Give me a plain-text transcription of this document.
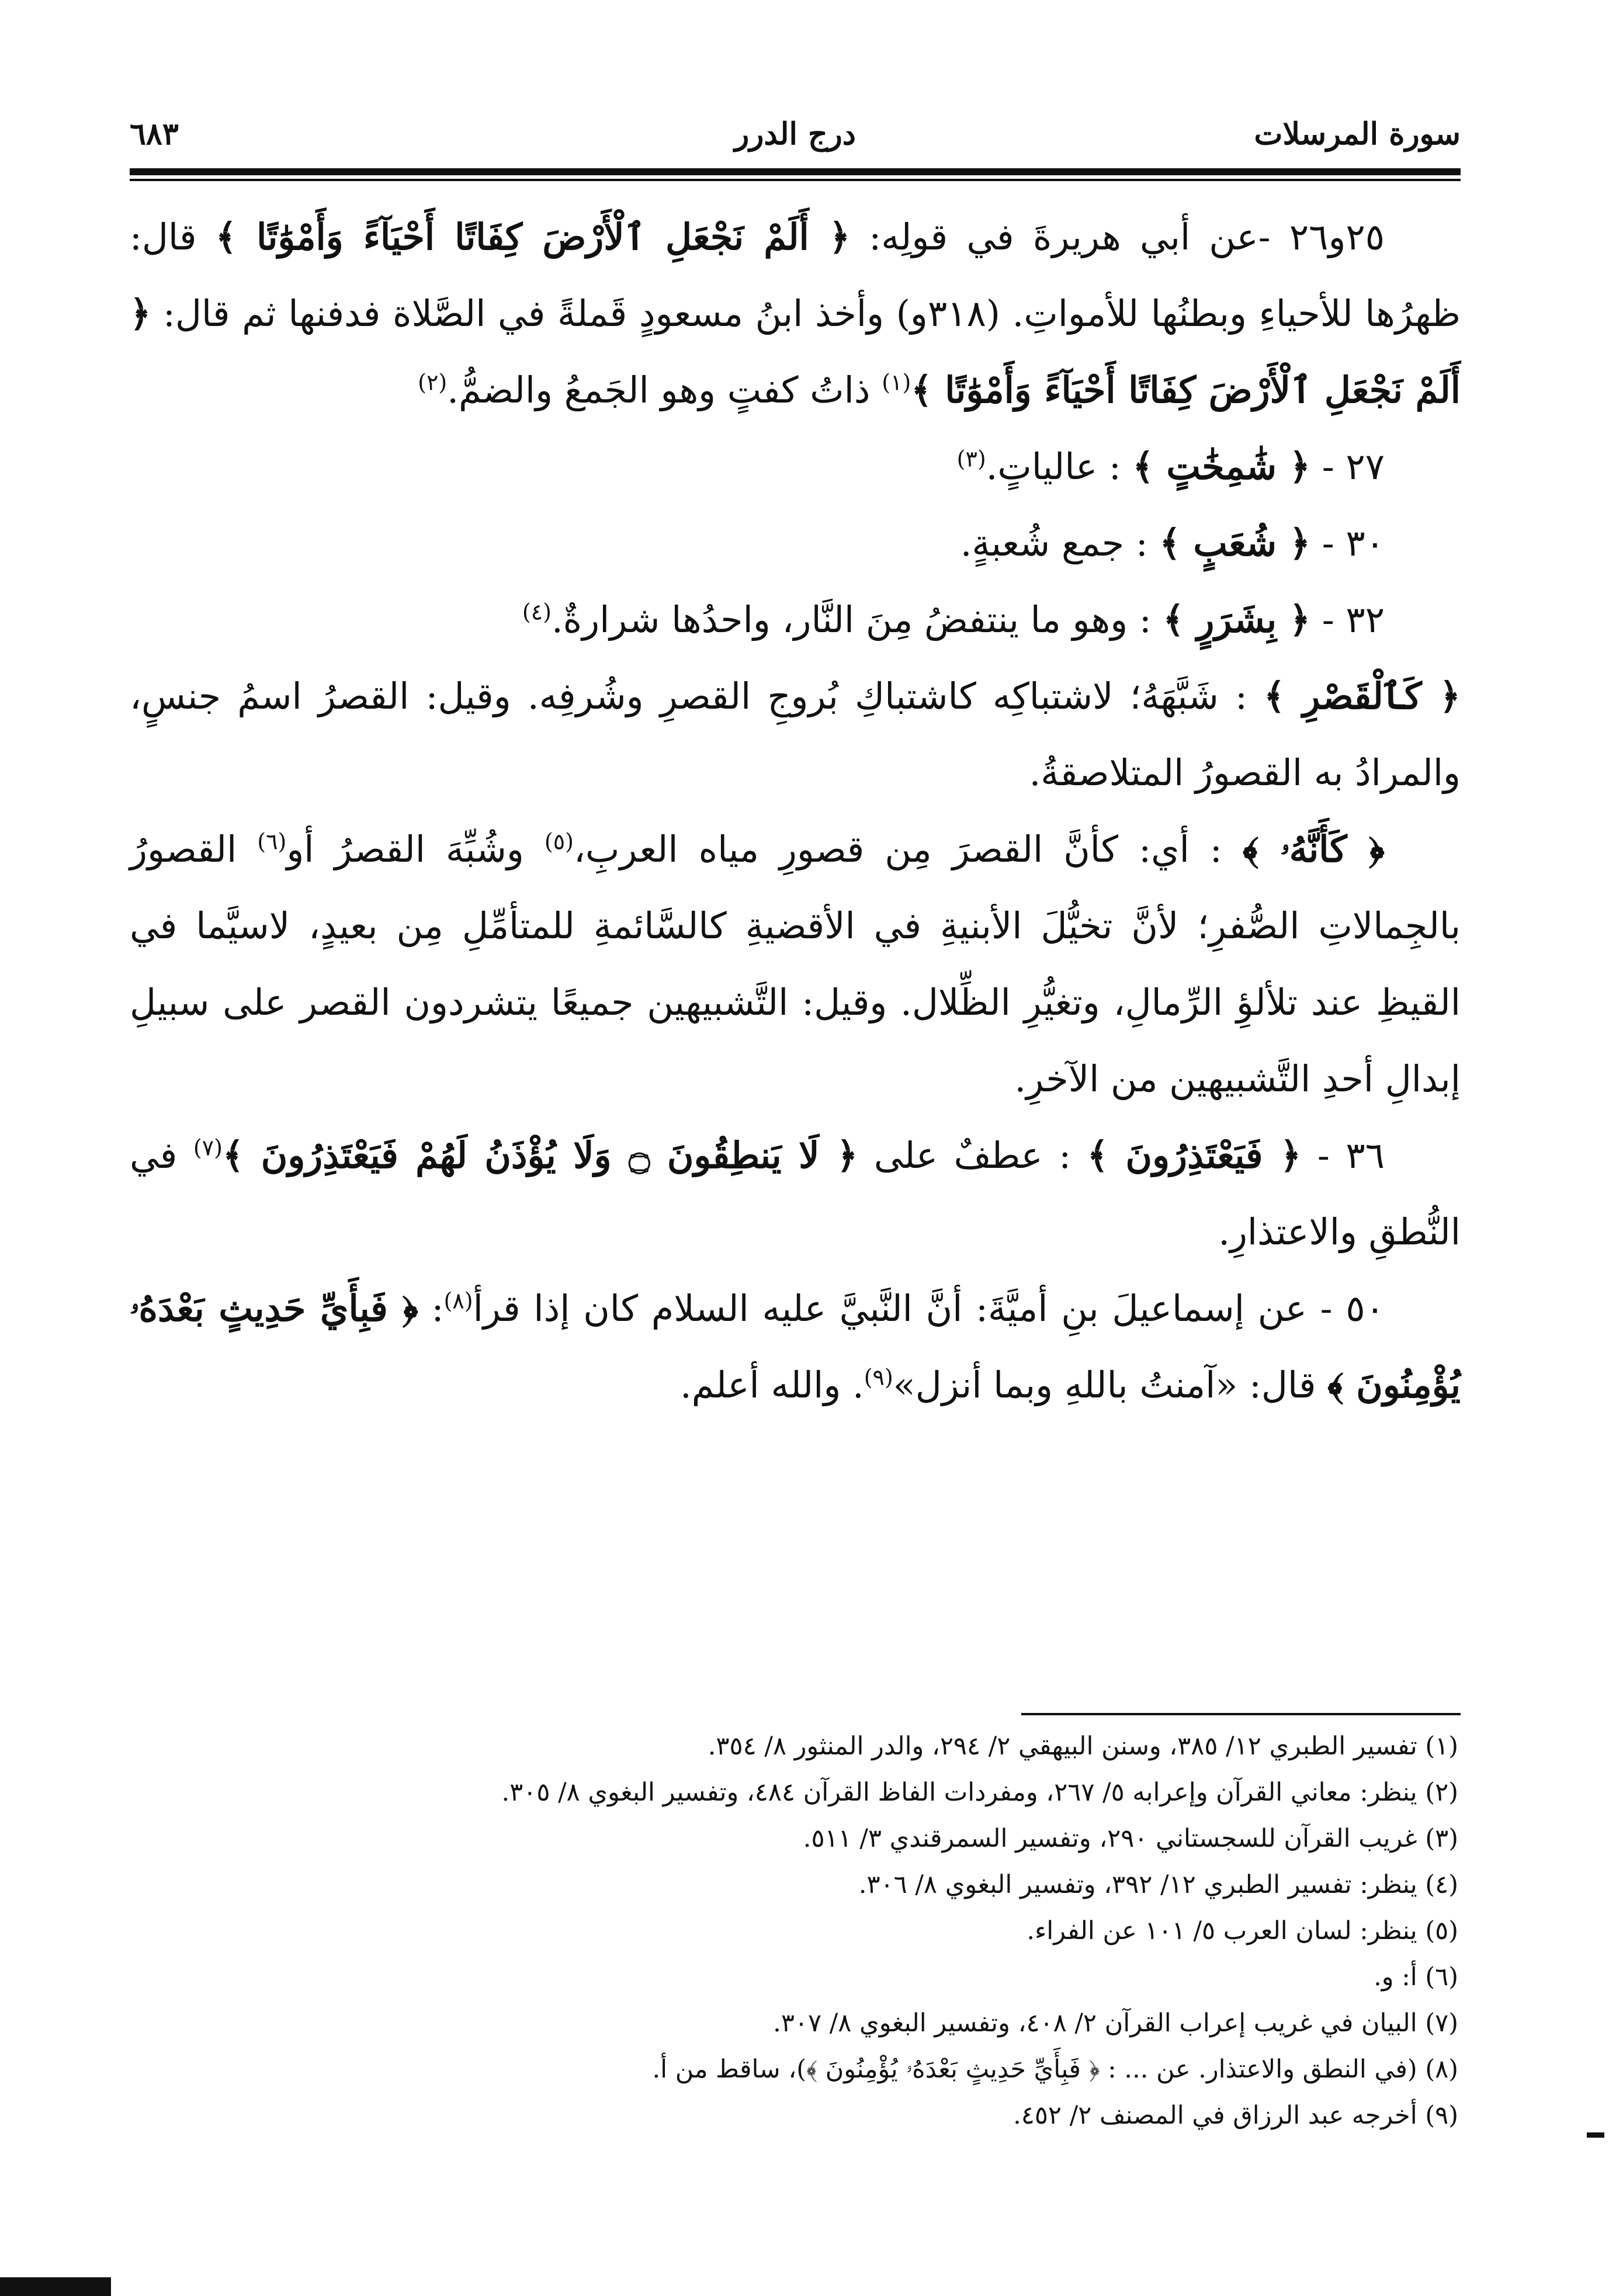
سورة المرسلات
درج الدرر
٦٨٣

٢٥و٢٦ -عن أبي هريرةَ في قولِه: ﴿ أَلَمْ نَجْعَلِ ٱلْأَرْضَ كِفَاتًا أَحْيَآءً وَأَمْوَٰتًا ﴾ قال: ظهرُها للأحياءِ وبطنُها للأمواتِ. (٣١٨و) وأخذ ابنُ مسعودٍ قَملةً في الصَّلاة فدفنها ثم قال: ﴿ أَلَمْ نَجْعَلِ ٱلْأَرْضَ كِفَاتًا أَحْيَآءً وَأَمْوَٰتًا ﴾$^{(١)}$ ذاتُ كفتٍ وهو الجَمعُ والضمُّ.$^{(٢)}$

٢٧ - ﴿ شَٰمِخَٰتٍ ﴾ : عالياتٍ.$^{(٣)}$

٣٠ - ﴿ شُعَبٍ ﴾ : جمع شُعبةٍ.

٣٢ - ﴿ بِشَرَرٍ ﴾ : وهو ما ينتفضُ مِنَ النَّار، واحدُها شرارةٌ.$^{(٤)}$

﴿ كَٱلْقَصْرِ ﴾ : شَبَّهَهُ؛ لاشتباكِه كاشتباكِ بُروجِ القصرِ وشُرفِه. وقيل: القصرُ اسمُ جنسٍ، والمرادُ به القصورُ المتلاصقةُ.

﴿ كَأَنَّهُۥ ﴾ : أي: كأنَّ القصرَ مِن قصورِ مياه العربِ،$^{(٥)}$ وشُبِّهَ القصرُ أو$^{(٦)}$ القصورُ بالجِمالاتِ الصُّفرِ؛ لأنَّ تخيُّلَ الأبنيةِ في الأقضيةِ كالسَّائمةِ للمتأمِّلِ مِن بعيدٍ، لاسيَّما في القيظِ عند تلألؤِ الرِّمالِ، وتغيُّرِ الظِّلال. وقيل: التَّشبيهين جميعًا يتشردون القصر على سبيلِ إبدالِ أحدِ التَّشبيهين من الآخرِ.

٣٦ - ﴿ فَيَعْتَذِرُونَ ﴾ : عطفٌ على ﴿ لَا يَنطِقُونَ ۝ وَلَا يُؤْذَنُ لَهُمْ فَيَعْتَذِرُونَ ﴾$^{(٧)}$ في النُّطقِ والاعتذارِ.

٥٠ - عن إسماعيلَ بنِ أميَّةَ: أنَّ النَّبيَّ عليه السلام كان إذا قرأ$^{(٨)}$: ﴿ فَبِأَيِّ حَدِيثٍ بَعْدَهُۥ يُؤْمِنُونَ ﴾ قال: «آمنتُ باللهِ وبما أنزل»$^{(٩)}$. والله أعلم.

(١) تفسير الطبري ١٢/ ٣٨٥، وسنن البيهقي ٢/ ٢٩٤، والدر المنثور ٨/ ٣٥٤.
(٢) ينظر: معاني القرآن وإعرابه ٥/ ٢٦٧، ومفردات الفاظ القرآن ٤٨٤، وتفسير البغوي ٨/ ٣٠٥.
(٣) غريب القرآن للسجستاني ٢٩٠، وتفسير السمرقندي ٣/ ٥١١.
(٤) ينظر: تفسير الطبري ١٢/ ٣٩٢، وتفسير البغوي ٨/ ٣٠٦.
(٥) ينظر: لسان العرب ٥/ ١٠١ عن الفراء.
(٦) أ: و.
(٧) البيان في غريب إعراب القرآن ٢/ ٤٠٨، وتفسير البغوي ٨/ ٣٠٧.
(٨) (في النطق والاعتذار. عن ... : ﴿ فَبِأَيِّ حَدِيثٍ بَعْدَهُۥ يُؤْمِنُونَ ﴾)، ساقط من أ.
(٩) أخرجه عبد الرزاق في المصنف ٢/ ٤٥٢.
